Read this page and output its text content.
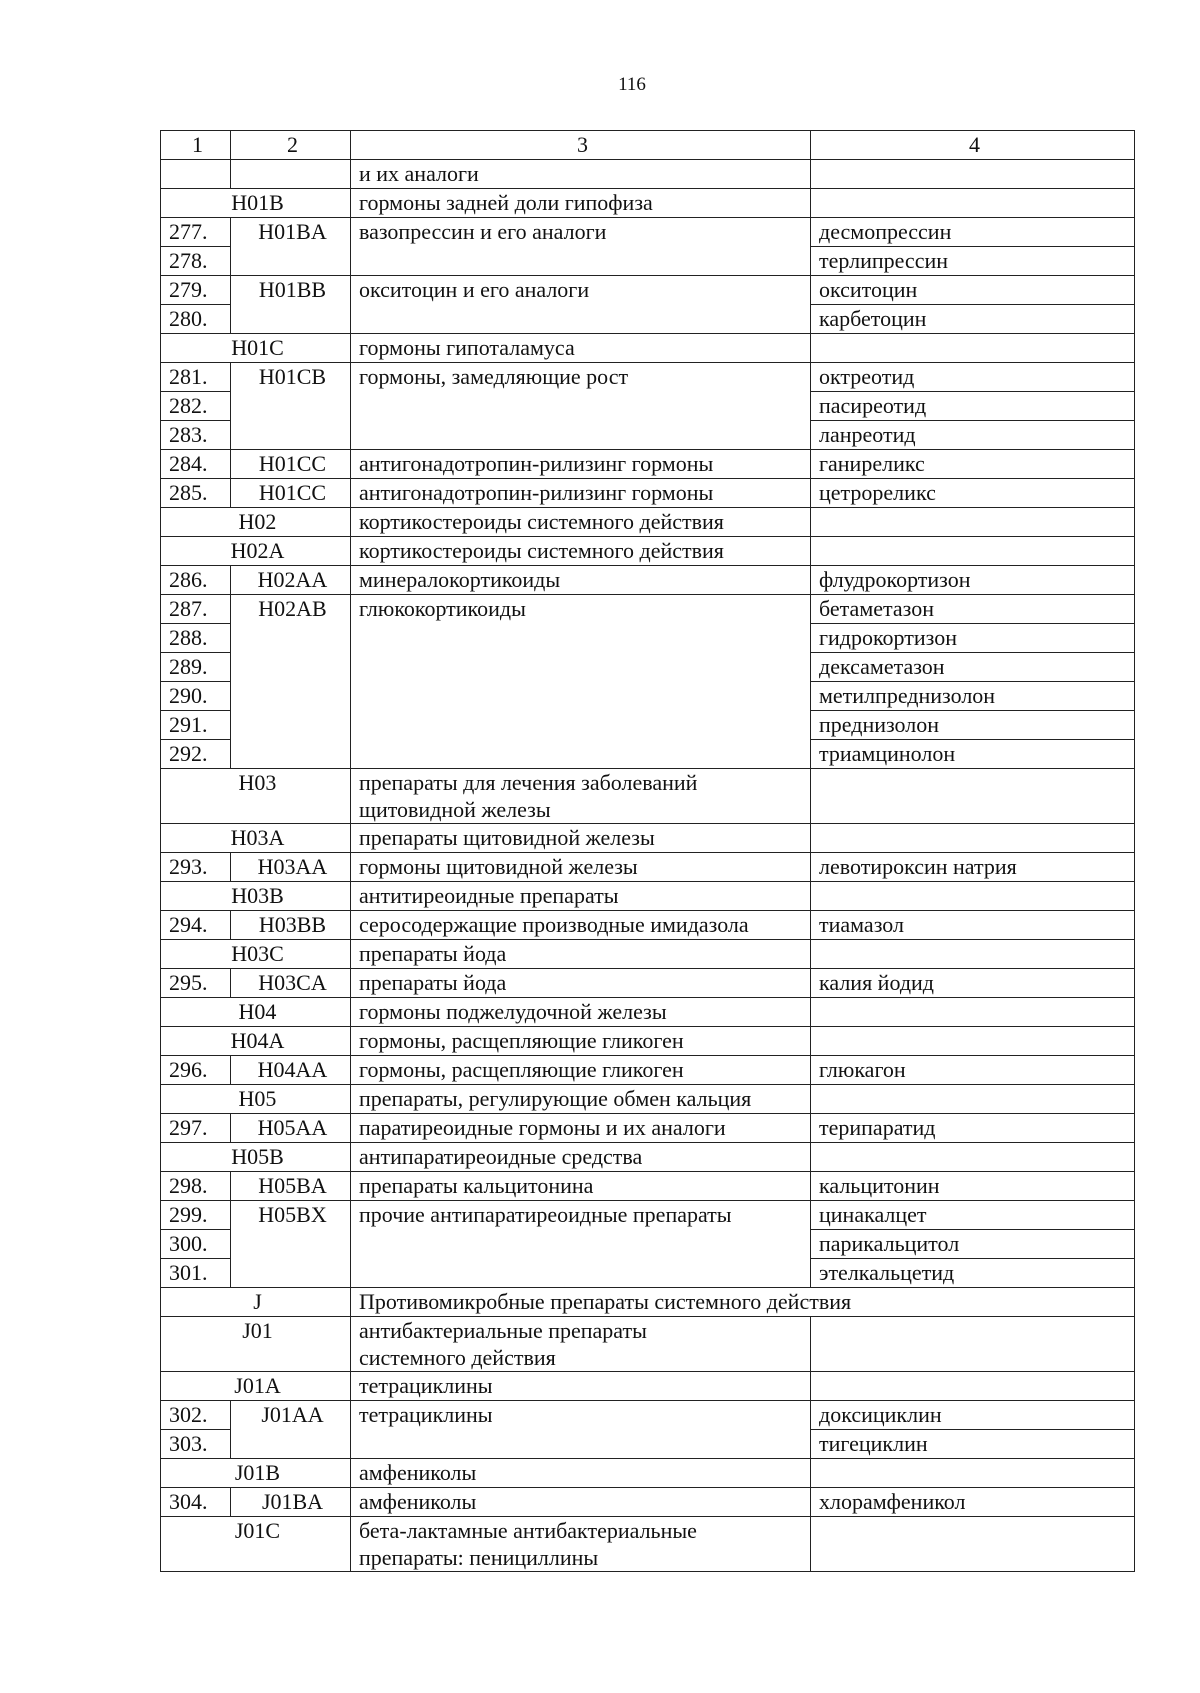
116
1	2	3	4
		и их аналоги	
H01B		гормоны задней доли гипофиза	
277.	H01BA	вазопрессин и его аналоги	десмопрессин
278.			терлипрессин
279.	H01BB	окситоцин и его аналоги	окситоцин
280.			карбетоцин
H01C		гормоны гипоталамуса	
281.	H01CB	гормоны, замедляющие рост	октреотид
282.			пасиреотид
283.			ланреотид
284.	H01CC	антигонадотропин-рилизинг гормоны	ганиреликс
285.	H01CC	антигонадотропин-рилизинг гормоны	цетрореликс
H02		кортикостероиды системного действия	
H02A		кортикостероиды системного действия	
286.	H02AA	минералокортикоиды	флудрокортизон
287.	H02AB	глюкокортикоиды	бетаметазон
288.			гидрокортизон
289.			дексаметазон
290.			метилпреднизолон
291.			преднизолон
292.			триамцинолон
H03		препараты для лечения заболеваний
щитовидной железы	

H03A		препараты щитовидной железы	
293.	H03AA	гормоны щитовидной железы	левотироксин натрия
H03B		антитиреоидные препараты	
294.	H03BB	серосодержащие производные имидазола	тиамазол
H03C		препараты йода	
295.	H03CA	препараты йода	калия йодид
H04		гормоны поджелудочной железы	
H04A		гормоны, расщепляющие гликоген	
296.	H04AA	гормоны, расщепляющие гликоген	глюкагон
H05		препараты, регулирующие обмен кальция	
297.	H05AA	паратиреоидные гормоны и их аналоги	терипаратид
H05B		антипаратиреоидные средства	
298.	H05BA	препараты кальцитонина	кальцитонин
299.	H05BX	прочие антипаратиреоидные препараты	цинакалцет
300.			парикальцитол
301.			этелкальцетид
J		Противомикробные препараты системного действия	
J01		антибактериальные препараты
системного действия	

J01A		тетрациклины	
302.	J01AA	тетрациклины	доксициклин
303.			тигециклин
J01B		амфениколы	
304.	J01BA	амфениколы	хлорамфеникол
J01C		бета-лактамные антибактериальные
препараты: пенициллины	
